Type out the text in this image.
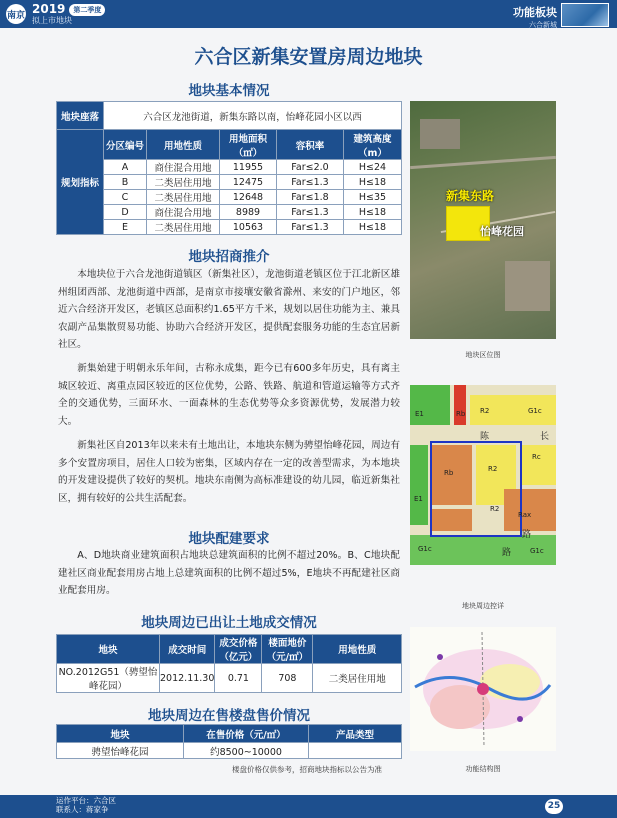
南京 2019 第二季度
拟上市地块
功能板块
六合新城
六合区新集安置房周边地块
地块基本情况
地块座落	六合区龙池街道，新集东路以南，怡峰花园小区以西				
规划指标	分区编号	用地性质	用地面积（㎡）	容积率	建筑高度（m）
	A	商住混合用地	11955	Far≤2.0	H≤24
	B	二类居住用地	12475	Far≤1.3	H≤18
	C	二类居住用地	12648	Far≤1.8	H≤35
	D	商住混合用地	8989	Far≤1.3	H≤18
	E	二类居住用地	10563	Far≤1.3	H≤18
地块招商推介

本地块位于六合龙池街道镇区（新集社区），龙池街道老镇区位于江北新区雄州组团西部、龙池街道中西部，是南京市接壤安徽省滁州、来安的门户地区，邻近六合经济开发区，老镇区总面积约1.65平方千米，规划以居住功能为主、兼具农副产品集散贸易功能、协助六合经济开发区，提供配套服务功能的生态宜居新社区。

新集始建于明朝永乐年间，古称永成集，距今已有600多年历史，具有离主城区较近、离重点园区较近的区位优势，公路、铁路、航道和管道运输等方式齐全的交通优势，三面环水、一面森林的生态优势等众多资源优势，发展潜力较大。

新集社区自2013年以来未有土地出让，本地块东侧为骋望怡峰花园，周边有多个安置房项目，居住人口较为密集，区域内存在一定的改善型需求，为本地块的开发建设提供了较好的契机。地块东南侧为高标准建设的幼儿园，临近新集社区，拥有较好的公共生活配套。

地块配建要求

A、D地块商业建筑面积占地块总建筑面积的比例不超过20%。B、C地块配建社区商业配套用房占地上总建筑面积的比例不超过5%，E地块不再配建社区商业配套用房。

地块周边已出让土地成交情况
地块	成交时间	成交价格（亿元）	楼面地价（元/㎡）	用地性质
NO.2012G51（骋望怡峰花园）	2012.11.30	0.71	708	二类居住用地
地块周边在售楼盘售价情况
地块	在售价格（元/㎡）	产品类型
骋望怡峰花园	约8500~10000	
楼盘价格仅供参考，招商地块指标以公告为准
新集东路
怡峰花园
地块区位图
E1	Rb R2	G1c
Rc
R2
R2
Rax
Rb
G1c
E1
G1c
陈	长
路
路
地块周边控详
功能结构图
运作平台：六合区
联系人：蒋家争	25
